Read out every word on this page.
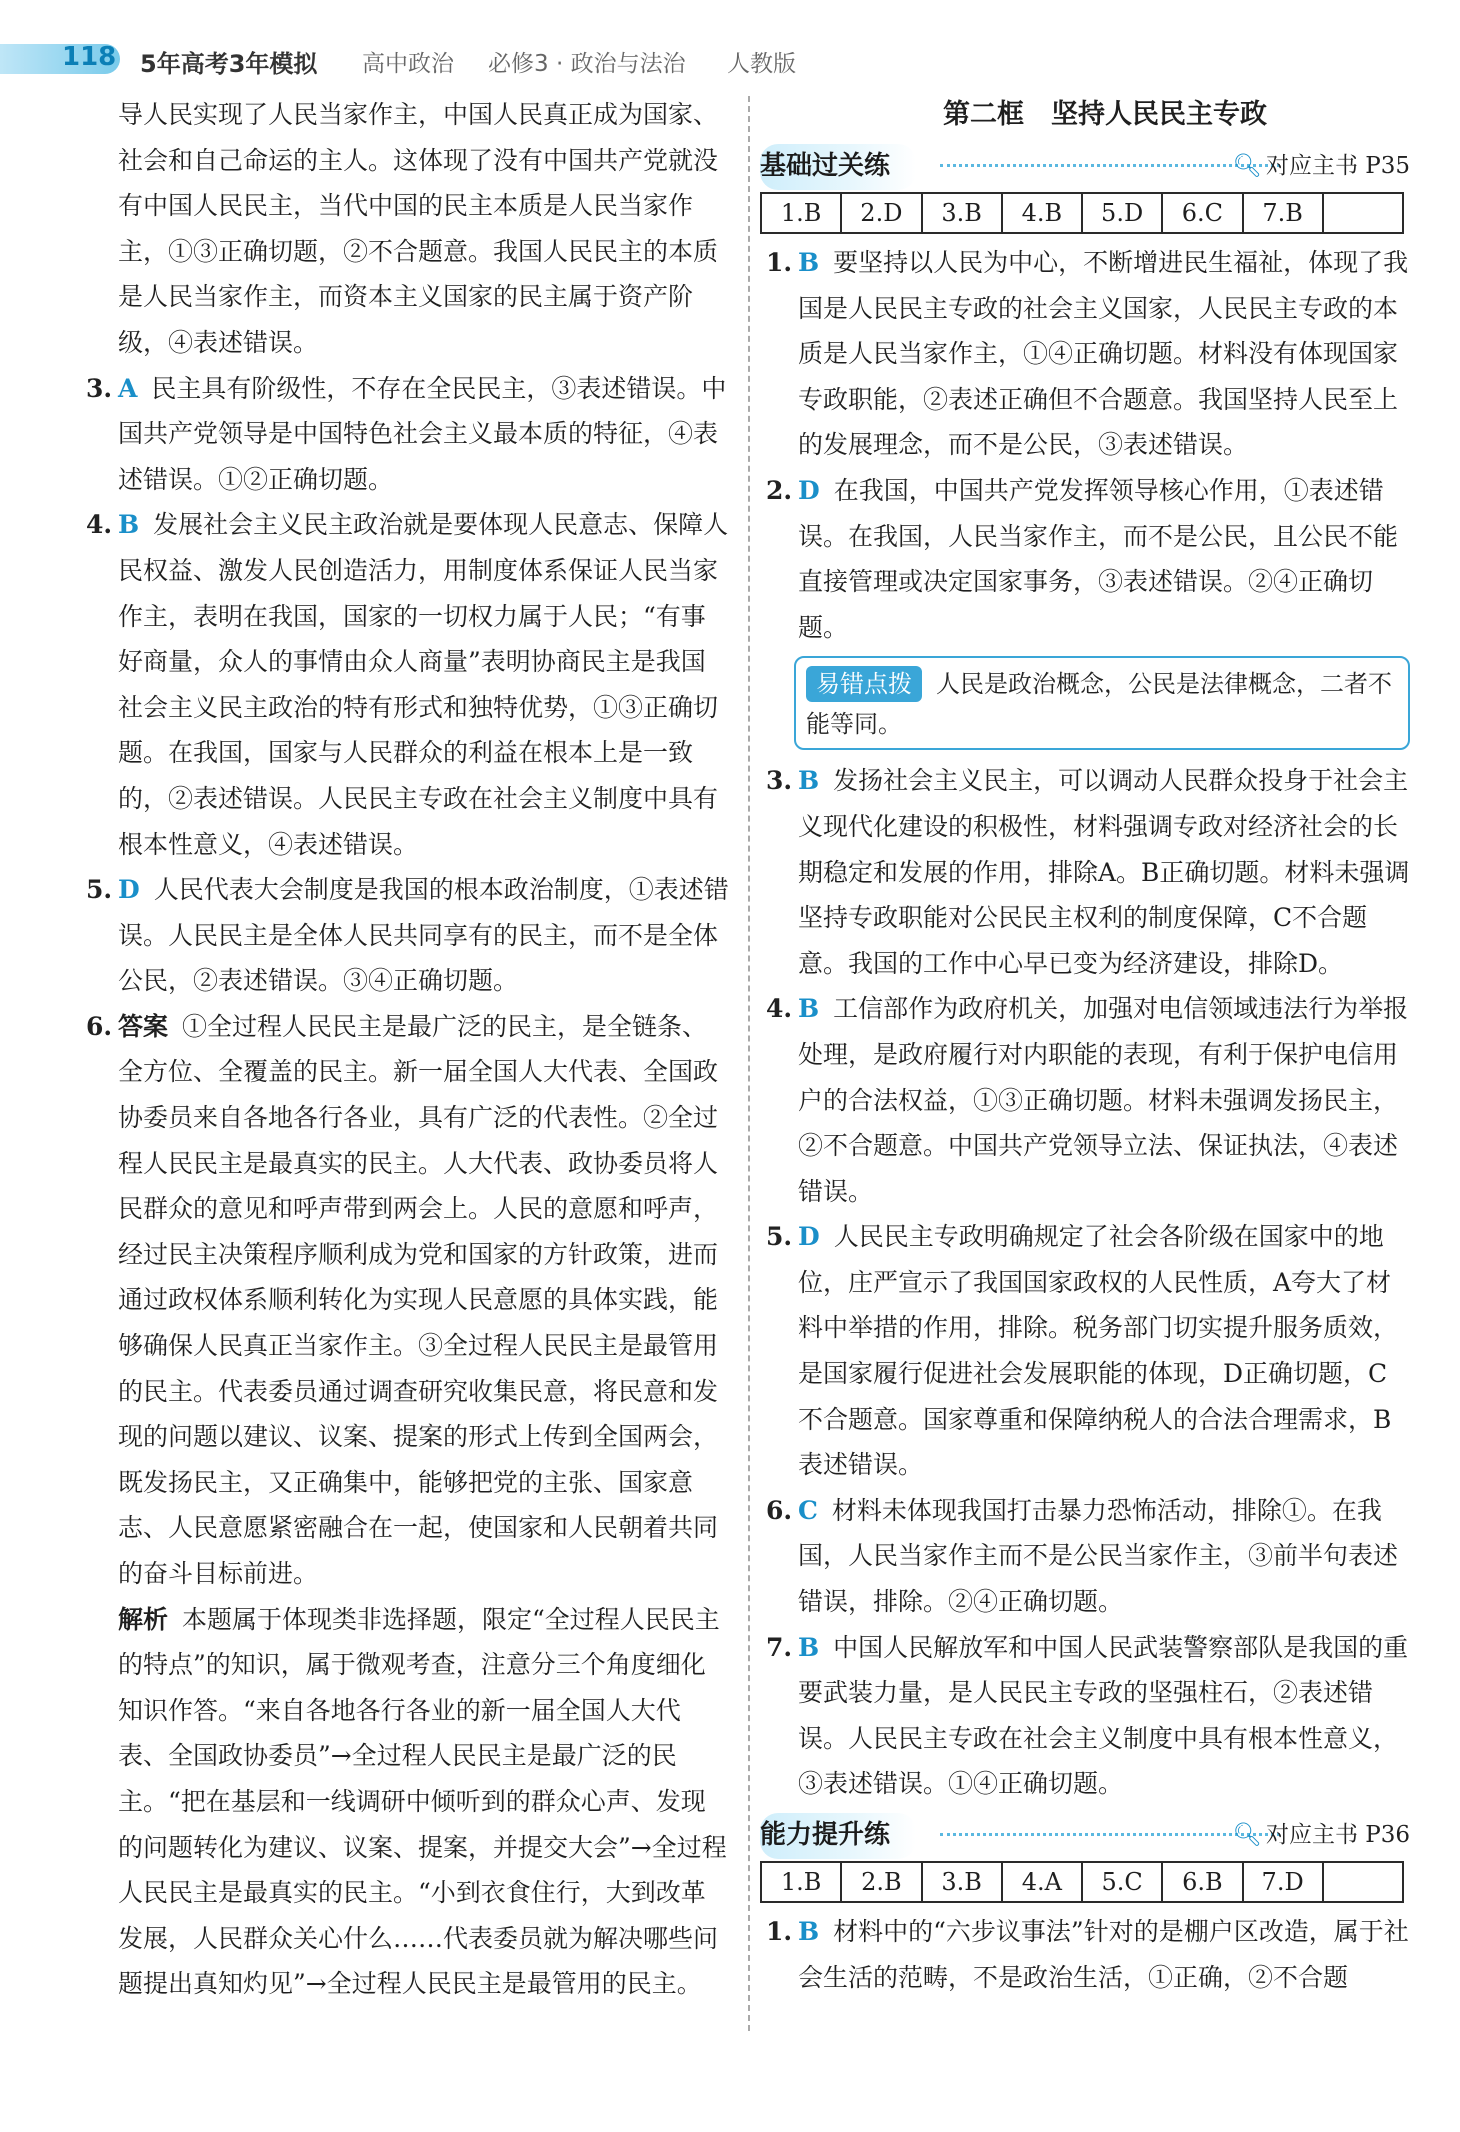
118 5年高考3年模拟 高中政治 必修3 · 政治与法治 人教版

导人民实现了人民当家作主，中国人民真正成为国家、社会和自己命运的主人。这体现了没有中国共产党就没有中国人民民主，当代中国的民主本质是人民当家作主，①③正确切题，②不合题意。我国人民民主的本质是人民当家作主，而资本主义国家的民主属于资产阶级，④表述错误。

3. A 民主具有阶级性，不存在全民民主，③表述错误。中国共产党领导是中国特色社会主义最本质的特征，④表述错误。①②正确切题。
4. B 发展社会主义民主政治就是要体现人民意志、保障人民权益、激发人民创造活力，用制度体系保证人民当家作主，表明在我国，国家的一切权力属于人民；“有事好商量，众人的事情由众人商量”表明协商民主是我国社会主义民主政治的特有形式和独特优势，①③正确切题。在我国，国家与人民群众的利益在根本上是一致的，②表述错误。人民民主专政在社会主义制度中具有根本性意义，④表述错误。
5. D 人民代表大会制度是我国的根本政治制度，①表述错误。人民民主是全体人民共同享有的民主，而不是全体公民，②表述错误。③④正确切题。
6. 答案 ①全过程人民民主是最广泛的民主，是全链条、全方位、全覆盖的民主。新一届全国人大代表、全国政协委员来自各地各行各业，具有广泛的代表性。②全过程人民民主是最真实的民主。人大代表、政协委员将人民群众的意见和呼声带到两会上。人民的意愿和呼声，经过民主决策程序顺利成为党和国家的方针政策，进而通过政权体系顺利转化为实现人民意愿的具体实践，能够确保人民真正当家作主。③全过程人民民主是最管用的民主。代表委员通过调查研究收集民意，将民意和发现的问题以建议、议案、提案的形式上传到全国两会，既发扬民主，又正确集中，能够把党的主张、国家意志、人民意愿紧密融合在一起，使国家和人民朝着共同的奋斗目标前进。
解析 本题属于体现类非选择题，限定“全过程人民民主的特点”的知识，属于微观考查，注意分三个角度细化知识作答。“来自各地各行各业的新一届全国人大代表、全国政协委员”→全过程人民民主是最广泛的民主。“把在基层和一线调研中倾听到的群众心声、发现的问题转化为建议、议案、提案，并提交大会”→全过程人民民主是最真实的民主。“小到衣食住行，大到改革发展，人民群众关心什么……代表委员就为解决哪些问题提出真知灼见”→全过程人民民主是最管用的民主。
第二框　坚持人民民主专政
基础过关练	🔍︎ 对应主书 P35
1.B	2.D	3.B	4.B	5.D	6.C	7.B
1. B 要坚持以人民为中心，不断增进民生福祉，体现了我国是人民民主专政的社会主义国家，人民民主专政的本质是人民当家作主，①④正确切题。材料没有体现国家专政职能，②表述正确但不合题意。我国坚持人民至上的发展理念，而不是公民，③表述错误。
2. D 在我国，中国共产党发挥领导核心作用，①表述错误。在我国，人民当家作主，而不是公民，且公民不能直接管理或决定国家事务，③表述错误。②④正确切题。
易错点拨 人民是政治概念，公民是法律概念，二者不能等同。
3. B 发扬社会主义民主，可以调动人民群众投身于社会主义现代化建设的积极性，材料强调专政对经济社会的长期稳定和发展的作用，排除A。B正确切题。材料未强调坚持专政职能对公民民主权利的制度保障，C不合题意。我国的工作中心早已变为经济建设，排除D。
4. B 工信部作为政府机关，加强对电信领域违法行为举报处理，是政府履行对内职能的表现，有利于保护电信用户的合法权益，①③正确切题。材料未强调发扬民主，②不合题意。中国共产党领导立法、保证执法，④表述错误。
5. D 人民民主专政明确规定了社会各阶级在国家中的地位，庄严宣示了我国国家政权的人民性质，A夸大了材料中举措的作用，排除。税务部门切实提升服务质效，是国家履行促进社会发展职能的体现，D正确切题，C不合题意。国家尊重和保障纳税人的合法合理需求，B表述错误。
6. C 材料未体现我国打击暴力恐怖活动，排除①。在我国，人民当家作主而不是公民当家作主，③前半句表述错误，排除。②④正确切题。
7. B 中国人民解放军和中国人民武装警察部队是我国的重要武装力量，是人民民主专政的坚强柱石，②表述错误。人民民主专政在社会主义制度中具有根本性意义，③表述错误。①④正确切题。
能力提升练	🔍︎ 对应主书 P36
1.B	2.B	3.B	4.A	5.C	6.B	7.D
1. B 材料中的“六步议事法”针对的是棚户区改造，属于社会生活的范畴，不是政治生活，①正确，②不合题
